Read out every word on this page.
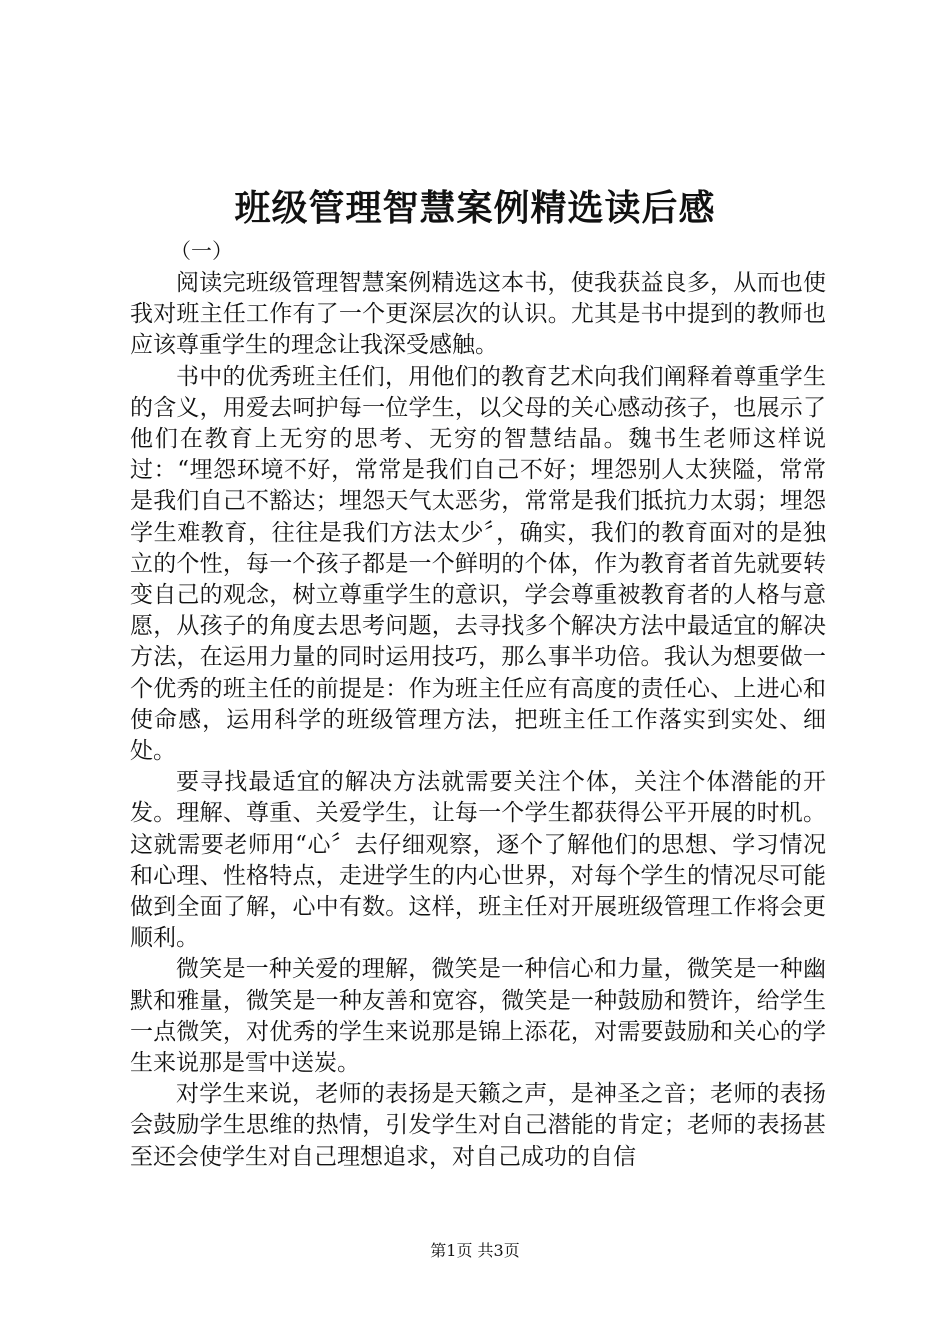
班级管理智慧案例精选读后感
（一）

阅读完班级管理智慧案例精选这本书，使我获益良多，从而也使我对班主任工作有了一个更深层次的认识。尤其是书中提到的教师也应该尊重学生的理念让我深受感触。

书中的优秀班主任们，用他们的教育艺术向我们阐释着尊重学生的含义，用爱去呵护每一位学生，以父母的关心感动孩子，也展示了他们在教育上无穷的思考、无穷的智慧结晶。魏书生老师这样说过：“埋怨环境不好，常常是我们自己不好；埋怨别人太狭隘，常常是我们自己不豁达；埋怨天气太恶劣，常常是我们抵抗力太弱；埋怨学生难教育，往往是我们方法太少〞，确实，我们的教育面对的是独立的个性，每一个孩子都是一个鲜明的个体，作为教育者首先就要转变自己的观念，树立尊重学生的意识，学会尊重被教育者的人格与意愿，从孩子的角度去思考问题，去寻找多个解决方法中最适宜的解决方法，在运用力量的同时运用技巧，那么事半功倍。我认为想要做一个优秀的班主任的前提是：作为班主任应有高度的责任心、上进心和使命感，运用科学的班级管理方法，把班主任工作落实到实处、细处。

要寻找最适宜的解决方法就需要关注个体，关注个体潜能的开发。理解、尊重、关爱学生，让每一个学生都获得公平开展的时机。这就需要老师用“心〞去仔细观察，逐个了解他们的思想、学习情况和心理、性格特点，走进学生的内心世界，对每个学生的情况尽可能做到全面了解，心中有数。这样，班主任对开展班级管理工作将会更顺利。

微笑是一种关爱的理解，微笑是一种信心和力量，微笑是一种幽默和雅量，微笑是一种友善和宽容，微笑是一种鼓励和赞许，给学生一点微笑，对优秀的学生来说那是锦上添花，对需要鼓励和关心的学生来说那是雪中送炭。

对学生来说，老师的表扬是天籁之声，是神圣之音；老师的表扬会鼓励学生思维的热情，引发学生对自己潜能的肯定；老师的表扬甚至还会使学生对自己理想追求，对自己成功的自信

第1页 共3页
